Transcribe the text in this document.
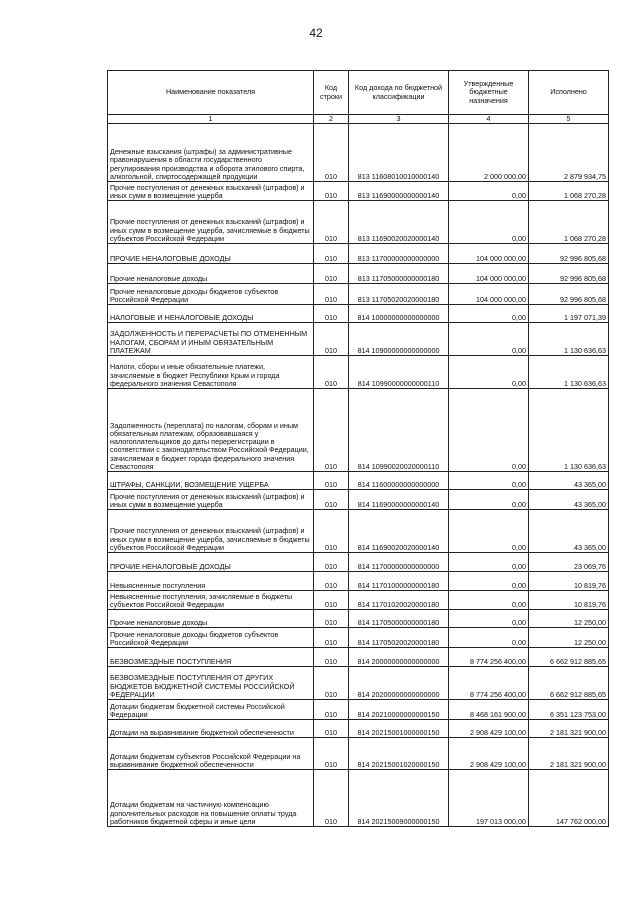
42
Наименование показателя	Код строки	Код дохода по бюджетной классификации	Утвержденные бюджетные назначения	Исполнено
1	2	3	4	5
Денежные взыскания (штрафы) за административные правонарушения в области государственного регулирования производства и оборота этилового спирта, алкогольной, спиртосодержащей продукции	010	813 11608010010000140	2 000 000,00	2 879 934,75
Прочие поступления от денежных взысканий (штрафов) и иных сумм в возмещение ущерба	010	813 11690000000000140	0,00	1 068 270,28
Прочие поступления от денежных взысканий (штрафов) и иных сумм в возмещение ущерба, зачисляемые в бюджеты субъектов Российской Федерации	010	813 11690020020000140	0,00	1 068 270,28
ПРОЧИЕ НЕНАЛОГОВЫЕ ДОХОДЫ	010	813 11700000000000000	104 000 000,00	92 996 805,68
Прочие неналоговые доходы	010	813 11705000000000180	104 000 000,00	92 996 805,68
Прочие неналоговые доходы бюджетов субъектов Российской Федерации	010	813 11705020020000180	104 000 000,00	92 996 805,68
НАЛОГОВЫЕ И НЕНАЛОГОВЫЕ ДОХОДЫ	010	814 10000000000000000	0,00	1 197 071,39
ЗАДОЛЖЕННОСТЬ И ПЕРЕРАСЧЕТЫ ПО ОТМЕНЕННЫМ НАЛОГАМ, СБОРАМ И ИНЫМ ОБЯЗАТЕЛЬНЫМ ПЛАТЕЖАМ	010	814 10900000000000000	0,00	1 130 636,63
Налоги, сборы и иные обязательные платежи, зачисляемые в бюджет Республики Крым и города федерального значения Севастополя	010	814 10990000000000110	0,00	1 130 636,63
Задолженность (переплата) по налогам, сборам и иным обязательным платежам, образовавшаяся у налогоплательщиков до даты перерегистрации в соответствии с законодательством Российской Федерации, зачисляемая в бюджет города федерального значения Севастополя	010	814 10990020020000110	0,00	1 130 636,63
ШТРАФЫ, САНКЦИИ, ВОЗМЕЩЕНИЕ УЩЕРБА	010	814 11600000000000000	0,00	43 365,00
Прочие поступления от денежных взысканий (штрафов) и иных сумм в возмещение ущерба	010	814 11690000000000140	0,00	43 365,00
Прочие поступления от денежных взысканий (штрафов) и иных сумм в возмещение ущерба, зачисляемые в бюджеты субъектов Российской Федерации	010	814 11690020020000140	0,00	43 365,00
ПРОЧИЕ НЕНАЛОГОВЫЕ ДОХОДЫ	010	814 11700000000000000	0,00	23 069,76
Невыясненные поступления	010	814 11701000000000180	0,00	10 819,76
Невыясненные поступления, зачисляемые в бюджеты субъектов Российской Федерации	010	814 11701020020000180	0,00	10 819,76
Прочие неналоговые доходы	010	814 11705000000000180	0,00	12 250,00
Прочие неналоговые доходы бюджетов субъектов Российской Федерации	010	814 11705020020000180	0,00	12 250,00
БЕЗВОЗМЕЗДНЫЕ ПОСТУПЛЕНИЯ	010	814 20000000000000000	8 774 256 400,00	6 662 912 885,65
БЕЗВОЗМЕЗДНЫЕ ПОСТУПЛЕНИЯ ОТ ДРУГИХ БЮДЖЕТОВ БЮДЖЕТНОЙ СИСТЕМЫ РОССИЙСКОЙ ФЕДЕРАЦИИ	010	814 20200000000000000	8 774 256 400,00	6 662 912 885,65
Дотации бюджетам бюджетной системы Российской Федерации	010	814 20210000000000150	8 468 161 900,00	6 351 123 753,00
Дотации на выравнивание бюджетной обеспеченности	010	814 20215001000000150	2 908 429 100,00	2 181 321 900,00
Дотации бюджетам субъектов Российской Федерации на выравнивание бюджетной обеспеченности	010	814 20215001020000150	2 908 429 100,00	2 181 321 900,00
Дотации бюджетам на частичную компенсацию дополнительных расходов на повышение оплаты труда работников бюджетной сферы и иные цели	010	814 20215009000000150	197 013 000,00	147 762 000,00
